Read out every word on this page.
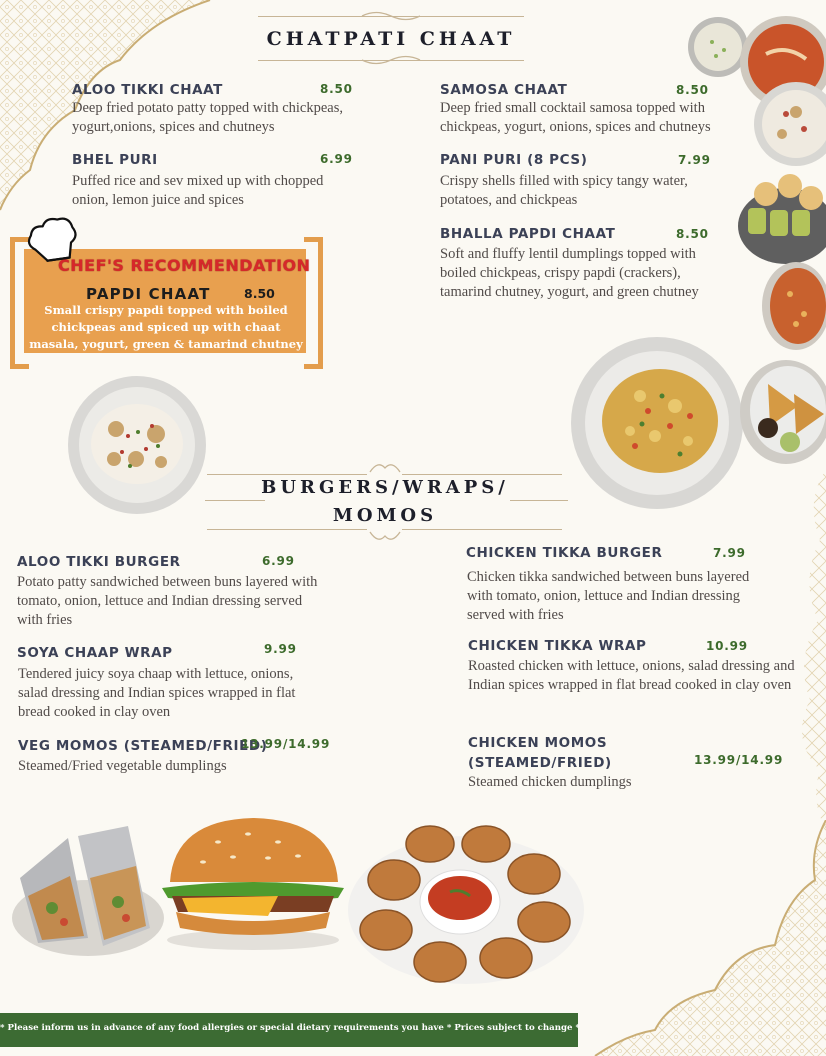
CHATPATI CHAAT
ALOO TIKKI CHAAT	8.50
Deep fried potato patty topped with chickpeas, yogurt,onions, spices and chutneys
BHEL PURI	6.99
Puffed rice and sev mixed up with chopped onion, lemon juice and spices
SAMOSA CHAAT	8.50
Deep fried small cocktail samosa topped with chickpeas, yogurt, onions, spices and chutneys
PANI PURI (8 PCS)	7.99
Crispy shells filled with spicy tangy water, potatoes, and chickpeas
BHALLA PAPDI CHAAT	8.50
Soft and fluffy lentil dumplings topped with boiled chickpeas, crispy papdi (crackers), tamarind chutney, yogurt, and green chutney
CHEF'S RECOMMENDATION
PAPDI CHAAT	8.50
Small crispy papdi topped with boiled chickpeas and spiced up with chaat masala, yogurt, green & tamarind chutney
BURGERS/WRAPS/
MOMOS
ALOO TIKKI BURGER	6.99
Potato patty sandwiched between buns layered with tomato, onion, lettuce and Indian dressing served with fries
SOYA CHAAP WRAP	9.99
Tendered juicy soya chaap with lettuce, onions, salad dressing and Indian spices wrapped in flat bread cooked in clay oven
VEG MOMOS (STEAMED/FRIED)
13.99/14.99
Steamed/Fried vegetable dumplings
CHICKEN TIKKA BURGER	7.99
Chicken tikka sandwiched between buns layered with tomato, onion, lettuce and Indian dressing served with fries
CHICKEN TIKKA WRAP	10.99
Roasted chicken with lettuce, onions, salad dressing and Indian spices wrapped in flat bread cooked in clay oven
CHICKEN MOMOS
(STEAMED/FRIED)	13.99/14.99
Steamed chicken dumplings
* Please inform us in advance of any food allergies or special dietary requirements you have * Prices subject to change *
